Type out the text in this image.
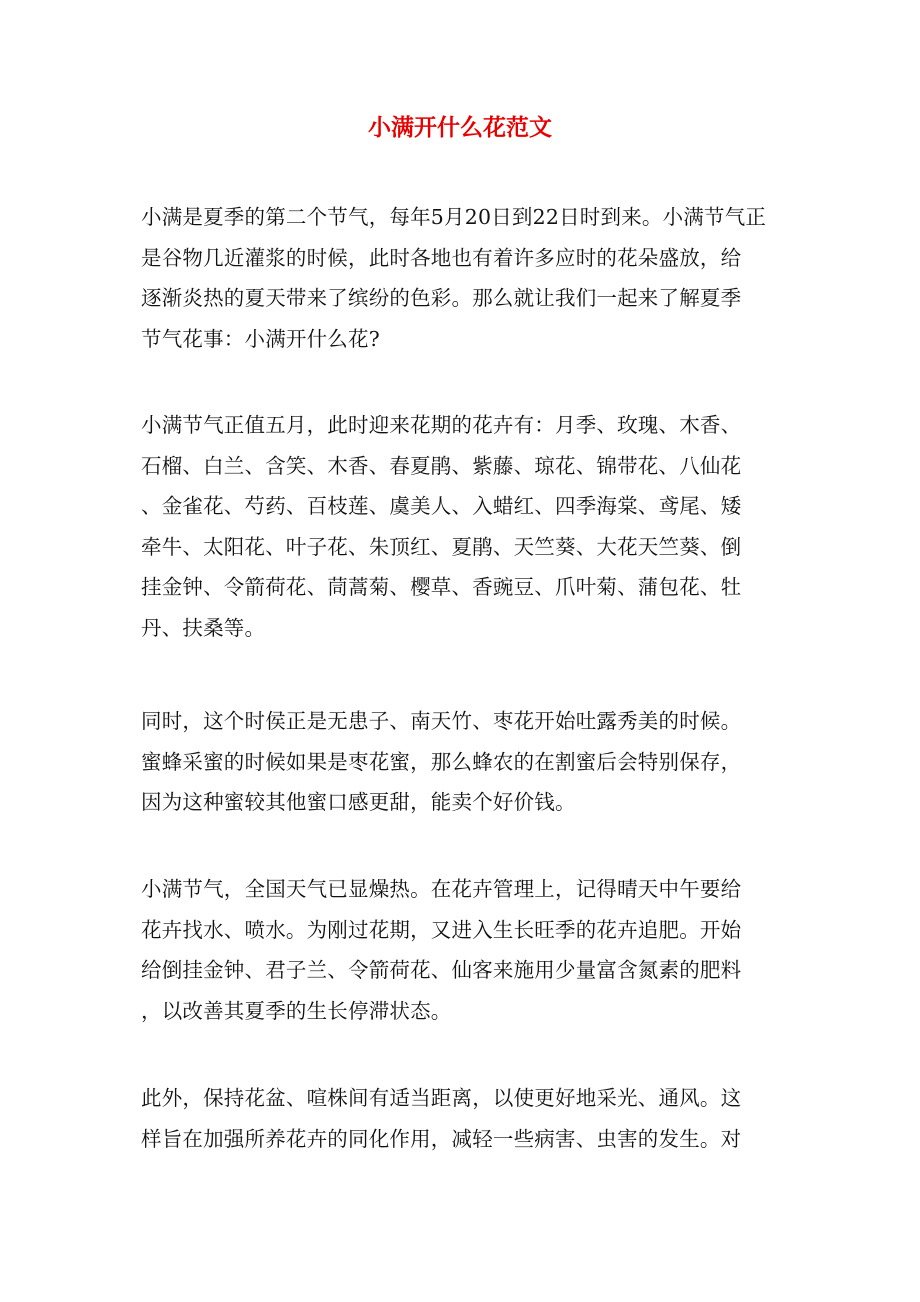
小满开什么花范文

小满是夏季的第二个节气，每年5月20日到22日时到来。小满节气正
是谷物几近灌浆的时候，此时各地也有着许多应时的花朵盛放，给
逐渐炎热的夏天带来了缤纷的色彩。那么就让我们一起来了解夏季
节气花事：小满开什么花?

小满节气正值五月，此时迎来花期的花卉有：月季、玫瑰、木香、
石榴、白兰、含笑、木香、春夏鹃、紫藤、琼花、锦带花、八仙花
、金雀花、芍药、百枝莲、虞美人、入蜡红、四季海棠、鸢尾、矮
牵牛、太阳花、叶子花、朱顶红、夏鹃、天竺葵、大花天竺葵、倒
挂金钟、令箭荷花、茼蒿菊、樱草、香豌豆、爪叶菊、蒲包花、牡
丹、扶桑等。

同时，这个时侯正是无患子、南天竹、枣花开始吐露秀美的时候。
蜜蜂采蜜的时候如果是枣花蜜，那么蜂农的在割蜜后会特别保存，
因为这种蜜较其他蜜口感更甜，能卖个好价钱。

小满节气，全国天气已显燥热。在花卉管理上，记得晴天中午要给
花卉找水、喷水。为刚过花期，又进入生长旺季的花卉追肥。开始
给倒挂金钟、君子兰、令箭荷花、仙客来施用少量富含氮素的肥料
，以改善其夏季的生长停滞状态。

此外，保持花盆、喧株间有适当距离，以使更好地采光、通风。这
样旨在加强所养花卉的同化作用，减轻一些病害、虫害的发生。对
